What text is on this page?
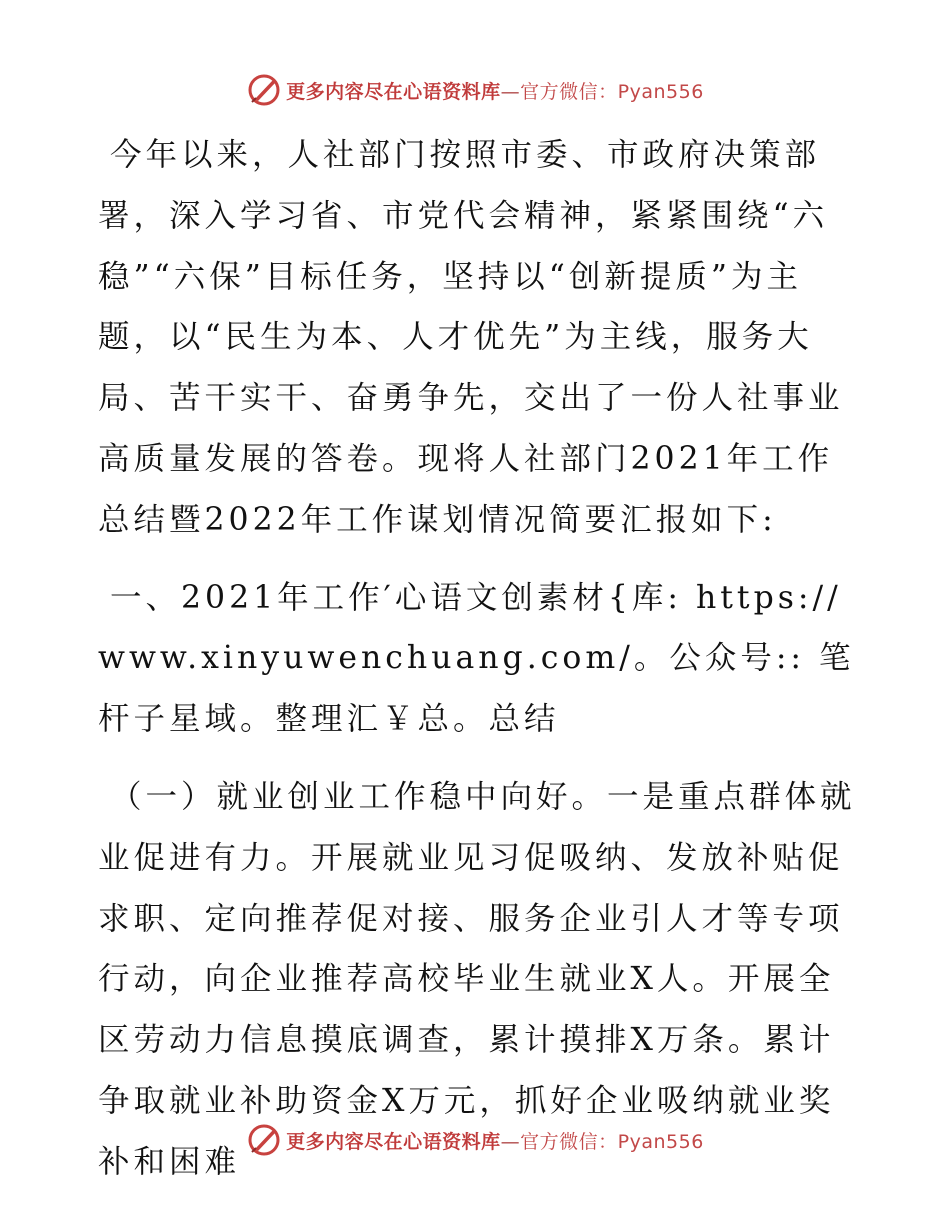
更多内容尽在心语资料库—官方微信：Pyan556

今年以来，人社部门按照市委、市政府决策部署，深入学习省、市党代会精神，紧紧围绕“六稳”“六保”目标任务，坚持以“创新提质”为主题，以“民生为本、人才优先”为主线，服务大局、苦干实干、奋勇争先，交出了一份人社事业高质量发展的答卷。现将人社部门2021年工作总结暨2022年工作谋划情况简要汇报如下:

一、2021年工作′心语文创素材{库: https://www.xinyuwenchuang.com/。公众号:: 笔杆子星域。整理汇￥总。总结

（一）就业创业工作稳中向好。一是重点群体就业促进有力。开展就业见习促吸纳、发放补贴促求职、定向推荐促对接、服务企业引人才等专项行动，向企业推荐高校毕业生就业X人。开展全区劳动力信息摸底调查，累计摸排X万条。累计争取就业补助资金X万元，抓好企业吸纳就业奖补和困难

更多内容尽在心语资料库—官方微信：Pyan556
